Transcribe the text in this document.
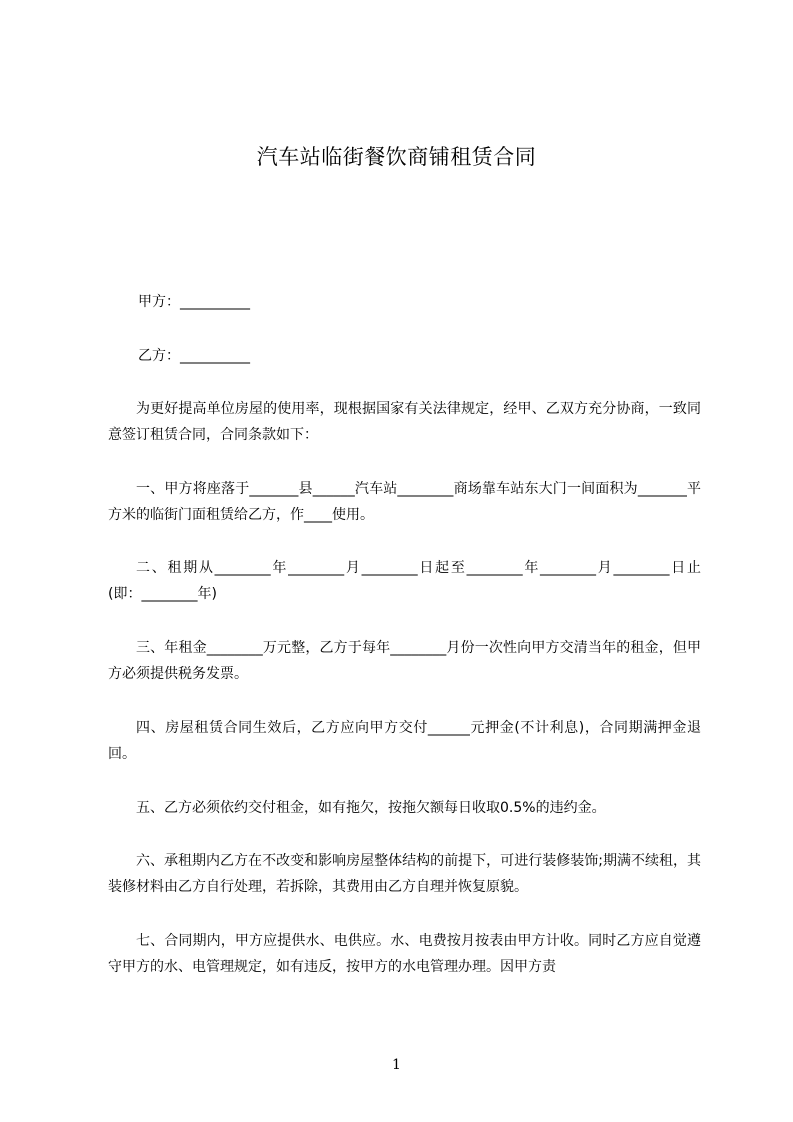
汽车站临街餐饮商铺租赁合同
甲方：__________
乙方：__________
为更好提高单位房屋的使用率，现根据国家有关法律规定，经甲、乙双方充分协商，一致同意签订租赁合同，合同条款如下：
一、甲方将座落于_______县______汽车站________商场靠车站东大门一间面积为_______平方米的临街门面租赁给乙方，作____使用。
二、租期从________年________月________日起至________年________月________日止(即：________年)
三、年租金________万元整，乙方于每年________月份一次性向甲方交清当年的租金，但甲方必须提供税务发票。
四、房屋租赁合同生效后，乙方应向甲方交付______元押金(不计利息)，合同期满押金退回。
五、乙方必须依约交付租金，如有拖欠，按拖欠额每日收取0.5%的违约金。
六、承租期内乙方在不改变和影响房屋整体结构的前提下，可进行装修装饰;期满不续租，其装修材料由乙方自行处理，若拆除，其费用由乙方自理并恢复原貌。
七、合同期内，甲方应提供水、电供应。水、电费按月按表由甲方计收。同时乙方应自觉遵守甲方的水、电管理规定，如有违反，按甲方的水电管理办理。因甲方责
1
